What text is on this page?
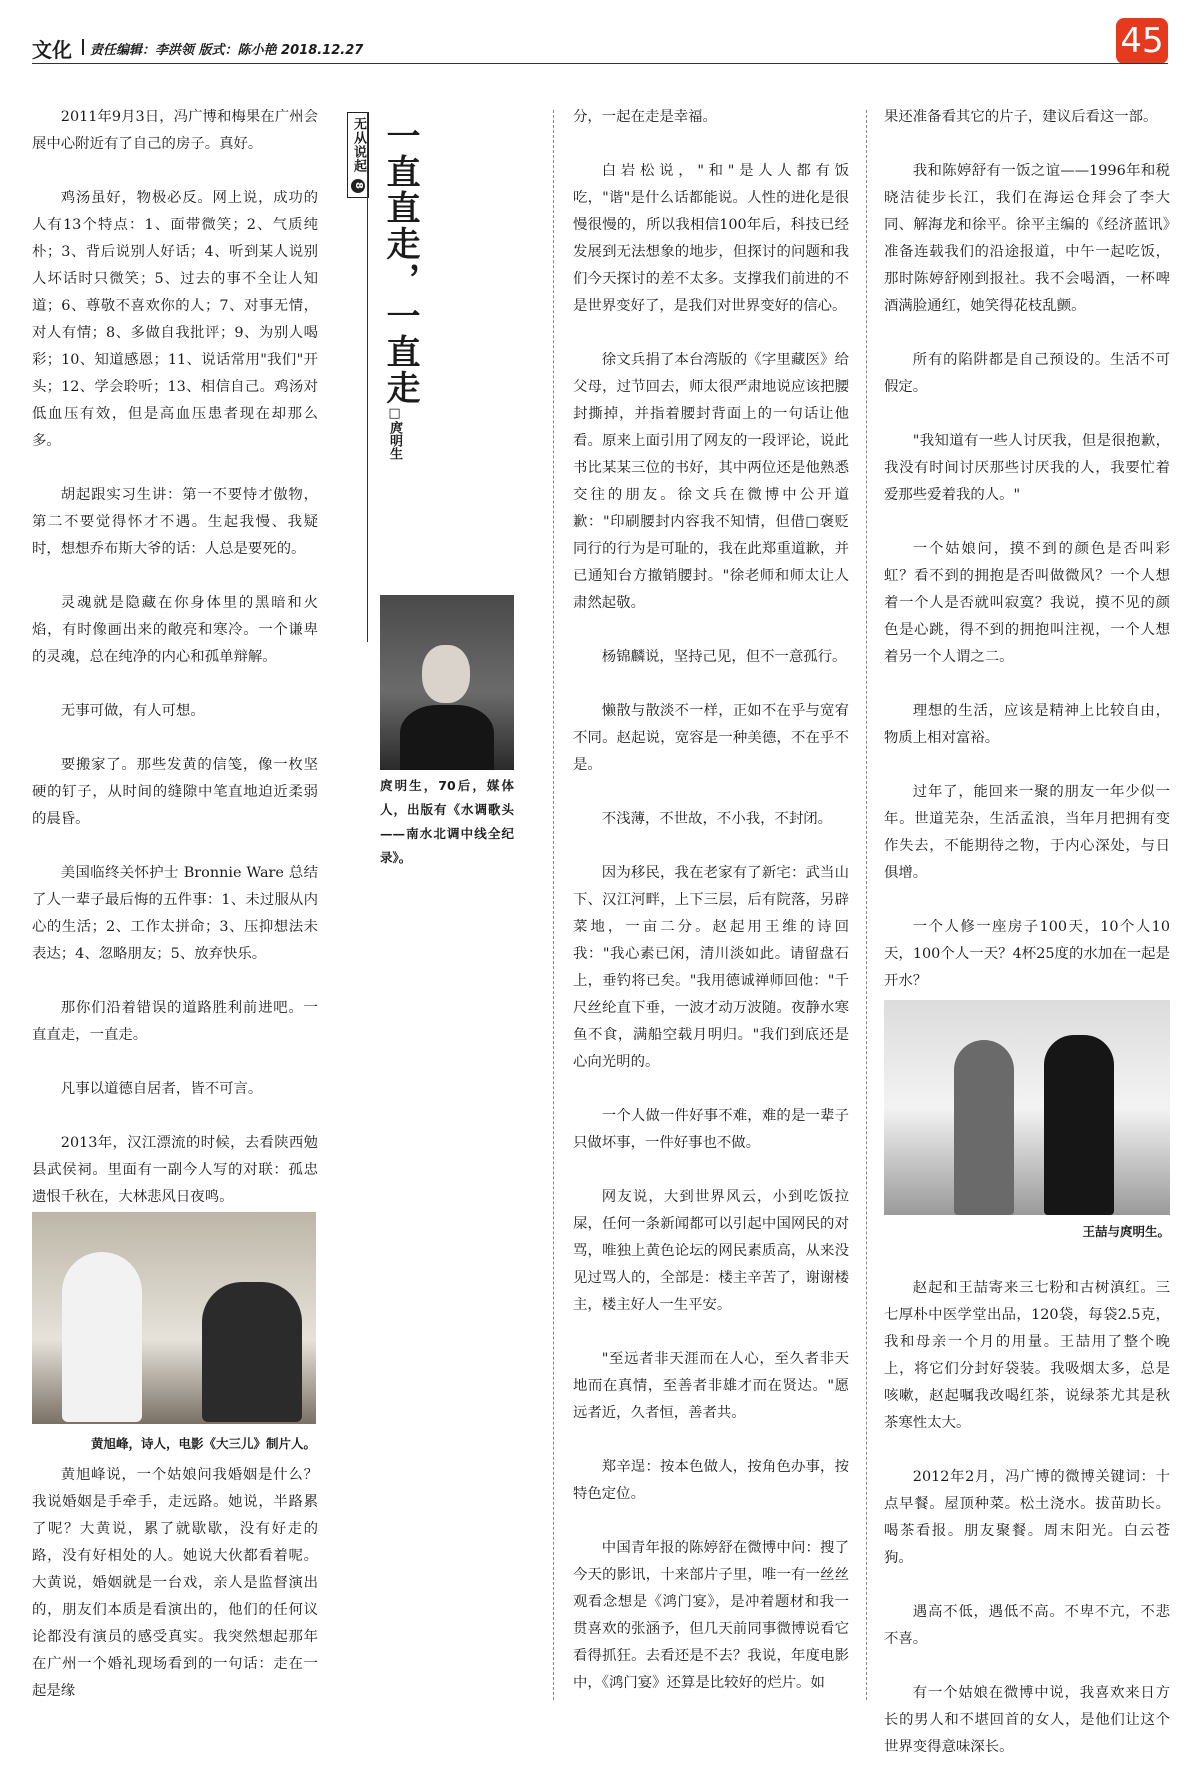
文化 责任编辑：李洪领 版式：陈小艳 2018.12.27	45

2011年9月3日，冯广博和梅果在广州会展中心附近有了自己的房子。真好。

鸡汤虽好，物极必反。网上说，成功的人有13个特点：1、面带微笑；2、气质纯朴；3、背后说别人好话；4、听到某人说别人坏话时只微笑；5、过去的事不全让人知道；6、尊敬不喜欢你的人；7、对事无情，对人有情；8、多做自我批评；9、为别人喝彩；10、知道感恩；11、说话常用"我们"开头；12、学会聆听；13、相信自己。鸡汤对低血压有效，但是高血压患者现在却那么多。

胡起跟实习生讲：第一不要恃才傲物，第二不要觉得怀才不遇。生起我慢、我疑时，想想乔布斯大爷的话：人总是要死的。

灵魂就是隐藏在你身体里的黑暗和火焰，有时像画出来的敞亮和寒冷。一个谦卑的灵魂，总在纯净的内心和孤单辩解。

无事可做，有人可想。

要搬家了。那些发黄的信笺，像一枚坚硬的钉子，从时间的缝隙中笔直地迫近柔弱的晨昏。

美国临终关怀护士 Bronnie Ware 总结了人一辈子最后悔的五件事：1、未过服从内心的生活；2、工作太拼命；3、压抑想法未表达；4、忽略朋友；5、放弃快乐。

那你们沿着错误的道路胜利前进吧。一直直走，一直走。

凡事以道德自居者，皆不可言。

2013年，汉江漂流的时候，去看陕西勉县武侯祠。里面有一副今人写的对联：孤忠遗恨千秋在，大林悲风日夜鸣。

黄旭峰，诗人，电影《大三儿》制片人。

黄旭峰说，一个姑娘问我婚姻是什么？我说婚姻是手牵手，走远路。她说，半路累了呢？大黄说，累了就歇歇，没有好走的路，没有好相处的人。她说大伙都看着呢。大黄说，婚姻就是一台戏，亲人是监督演出的，朋友们本质是看演出的，他们的任何议论都没有演员的感受真实。我突然想起那年在广州一个婚礼现场看到的一句话：走在一起是缘

无从说起 8 一直直走，一直走
□庹明生
庹明生，70后，媒体人，出版有《水调歌头——南水北调中线全纪录》。

分，一起在走是幸福。

白岩松说，"和"是人人都有饭吃，"谐"是什么话都能说。人性的进化是很慢很慢的，所以我相信100年后，科技已经发展到无法想象的地步，但探讨的问题和我们今天探讨的差不太多。支撑我们前进的不是世界变好了，是我们对世界变好的信心。

徐文兵捐了本台湾版的《字里藏医》给父母，过节回去，师太很严肃地说应该把腰封撕掉，并指着腰封背面上的一句话让他看。原来上面引用了网友的一段评论，说此书比某某三位的书好，其中两位还是他熟悉交往的朋友。徐文兵在微博中公开道歉："印刷腰封内容我不知情，但借□褒贬同行的行为是可耻的，我在此郑重道歉，并已通知台方撤销腰封。"徐老师和师太让人肃然起敬。

杨锦麟说，坚持己见，但不一意孤行。

懒散与散淡不一样，正如不在乎与宽宥不同。赵起说，宽容是一种美德，不在乎不是。

不浅薄，不世故，不小我，不封闭。

因为移民，我在老家有了新宅：武当山下、汉江河畔，上下三层，后有院落，另辟菜地，一亩二分。赵起用王维的诗回我："我心素已闲，清川淡如此。请留盘石上，垂钓将已矣。"我用德诚禅师回他："千尺丝纶直下垂，一波才动万波随。夜静水寒鱼不食，满船空载月明归。"我们到底还是心向光明的。

一个人做一件好事不难，难的是一辈子只做坏事，一件好事也不做。

网友说，大到世界风云，小到吃饭拉屎，任何一条新闻都可以引起中国网民的对骂，唯独上黄色论坛的网民素质高，从来没见过骂人的，全部是：楼主辛苦了，谢谢楼主，楼主好人一生平安。

"至远者非天涯而在人心，至久者非天地而在真情，至善者非雄才而在贤达。"愿远者近，久者恒，善者共。

郑辛逞：按本色做人，按角色办事，按特色定位。

中国青年报的陈婷舒在微博中问：搜了今天的影讯，十来部片子里，唯一有一丝丝观看念想是《鸿门宴》，是冲着题材和我一贯喜欢的张涵予，但几天前同事微博说看它看得抓狂。去看还是不去？我说，年度电影中，《鸿门宴》还算是比较好的烂片。如

果还准备看其它的片子，建议后看这一部。

我和陈婷舒有一饭之谊——1996年和税晓洁徒步长江，我们在海运仓拜会了李大同、解海龙和徐平。徐平主编的《经济蓝讯》准备连载我们的沿途报道，中午一起吃饭，那时陈婷舒刚到报社。我不会喝酒，一杯啤酒满脸通红，她笑得花枝乱颤。

所有的陷阱都是自己预设的。生活不可假定。

"我知道有一些人讨厌我，但是很抱歉，我没有时间讨厌那些讨厌我的人，我要忙着爱那些爱着我的人。"

一个姑娘问，摸不到的颜色是否叫彩虹？看不到的拥抱是否叫做微风？一个人想着一个人是否就叫寂寞？我说，摸不见的颜色是心跳，得不到的拥抱叫注视，一个人想着另一个人谓之二。

理想的生活，应该是精神上比较自由，物质上相对富裕。

过年了，能回来一聚的朋友一年少似一年。世道芜杂，生活孟浪，当年月把拥有变作失去，不能期待之物，于内心深处，与日俱增。

一个人修一座房子100天，10个人10天，100个人一天？4杯25度的水加在一起是开水？

王喆与庹明生。

赵起和王喆寄来三七粉和古树滇红。三七厚朴中医学堂出品，120袋，每袋2.5克，我和母亲一个月的用量。王喆用了整个晚上，将它们分封好袋装。我吸烟太多，总是咳嗽，赵起嘱我改喝红茶，说绿茶尤其是秋茶寒性太大。

2012年2月，冯广博的微博关键词：十点早餐。屋顶种菜。松土浇水。拔苗助长。喝茶看报。朋友聚餐。周末阳光。白云苍狗。

遇高不低，遇低不高。不卑不亢，不悲不喜。

有一个姑娘在微博中说，我喜欢来日方长的男人和不堪回首的女人，是他们让这个世界变得意味深长。
